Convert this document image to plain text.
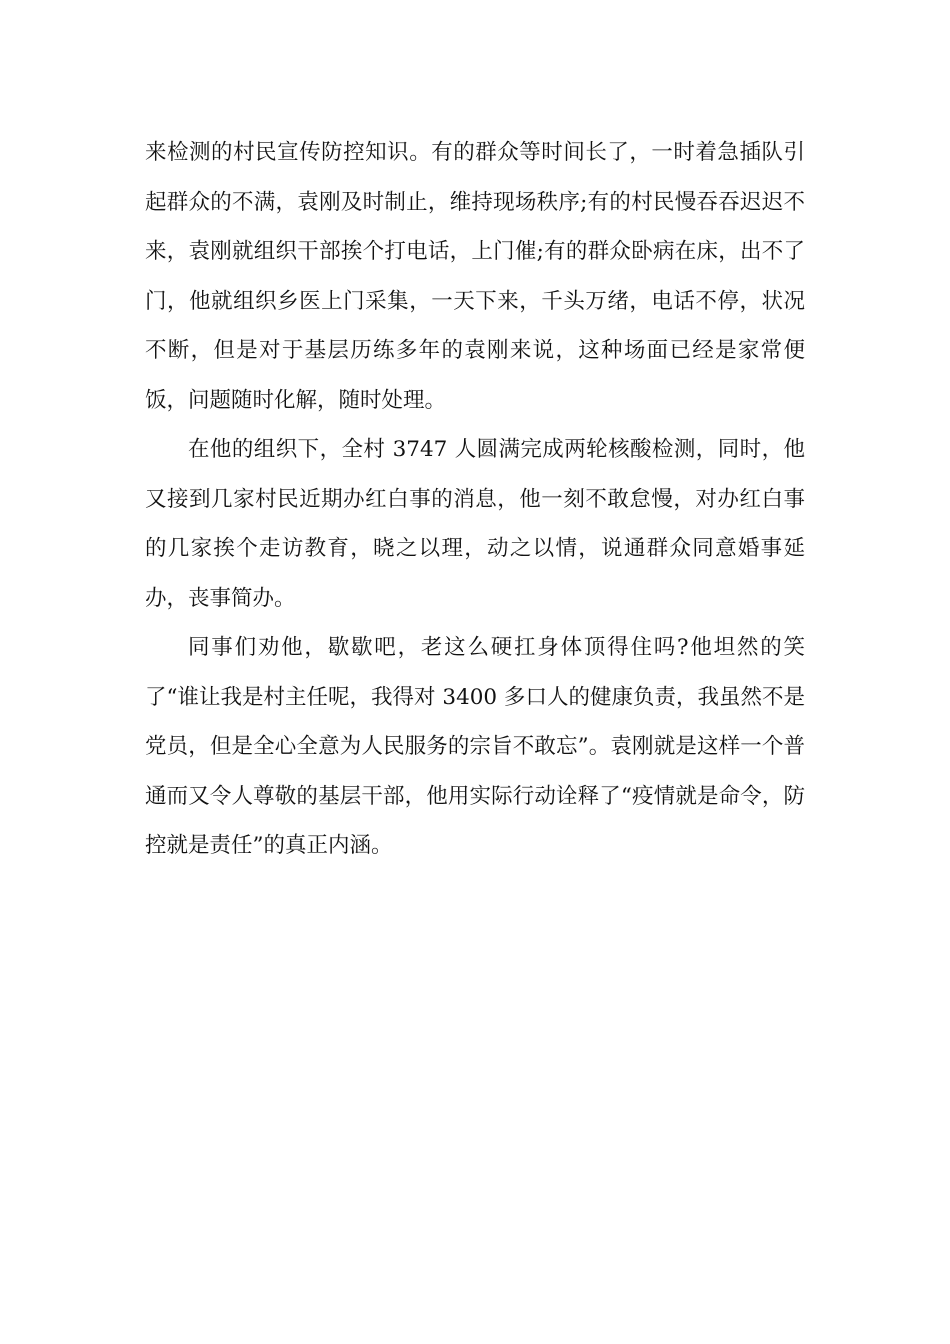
来检测的村民宣传防控知识。有的群众等时间长了，一时着急插队引起群众的不满，袁刚及时制止，维持现场秩序;有的村民慢吞吞迟迟不来，袁刚就组织干部挨个打电话，上门催;有的群众卧病在床，出不了门，他就组织乡医上门采集，一天下来，千头万绪，电话不停，状况不断，但是对于基层历练多年的袁刚来说，这种场面已经是家常便饭，问题随时化解，随时处理。

在他的组织下，全村 3747 人圆满完成两轮核酸检测，同时，他又接到几家村民近期办红白事的消息，他一刻不敢怠慢，对办红白事的几家挨个走访教育，晓之以理，动之以情，说通群众同意婚事延办，丧事简办。

同事们劝他，歇歇吧，老这么硬扛身体顶得住吗?他坦然的笑了“谁让我是村主任呢，我得对 3400 多口人的健康负责，我虽然不是党员，但是全心全意为人民服务的宗旨不敢忘”。袁刚就是这样一个普通而又令人尊敬的基层干部，他用实际行动诠释了“疫情就是命令，防控就是责任”的真正内涵。
